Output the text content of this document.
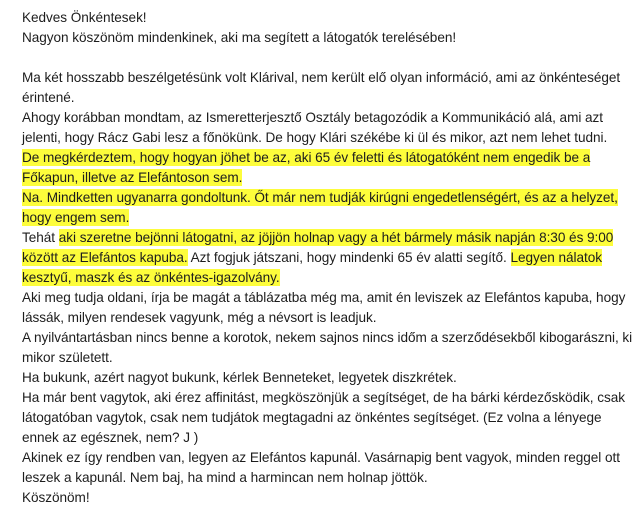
Kedves Önkéntesek!
Nagyon köszönöm mindenkinek, aki ma segített a látogatók terelésében!
Ma két hosszabb beszélgetésünk volt Klárival, nem került elő olyan információ, ami az önkénteséget
érintené.
Ahogy korábban mondtam, az Ismeretterjesztő Osztály betagozódik a Kommunikáció alá, ami azt
jelenti, hogy Rácz Gabi lesz a főnökünk. De hogy Klári székébe ki ül és mikor, azt nem lehet tudni.
De megkérdeztem, hogy hogyan jöhet be az, aki 65 év feletti és látogatóként nem engedik be a
Főkapun, illetve az Elefántoson sem.
Na. Mindketten ugyanarra gondoltunk. Őt már nem tudják kirúgni engedetlenségért, és az a helyzet,
hogy engem sem.
Tehát aki szeretne bejönni látogatni, az jöjjön holnap vagy a hét bármely másik napján 8:30 és 9:00
között az Elefántos kapuba. Azt fogjuk játszani, hogy mindenki 65 év alatti segítő. Legyen nálatok
kesztyű, maszk és az önkéntes-igazolvány.
Aki meg tudja oldani, írja be magát a táblázatba még ma, amit én leviszek az Elefántos kapuba, hogy
lássák, milyen rendesek vagyunk, még a névsort is leadjuk.
A nyilvántartásban nincs benne a korotok, nekem sajnos nincs időm a szerződésekből kibogarászni, ki
mikor született.
Ha bukunk, azért nagyot bukunk, kérlek Benneteket, legyetek diszkrétek.
Ha már bent vagytok, aki érez affinitást, megköszönjük a segítséget, de ha bárki kérdezősködik, csak
látogatóban vagytok, csak nem tudjátok megtagadni az önkéntes segítséget. (Ez volna a lényege
ennek az egésznek, nem? J )
Akinek ez így rendben van, legyen az Elefántos kapunál. Vasárnapig bent vagyok, minden reggel ott
leszek a kapunál. Nem baj, ha mind a harmincan nem holnap jöttök.
Köszönöm!
